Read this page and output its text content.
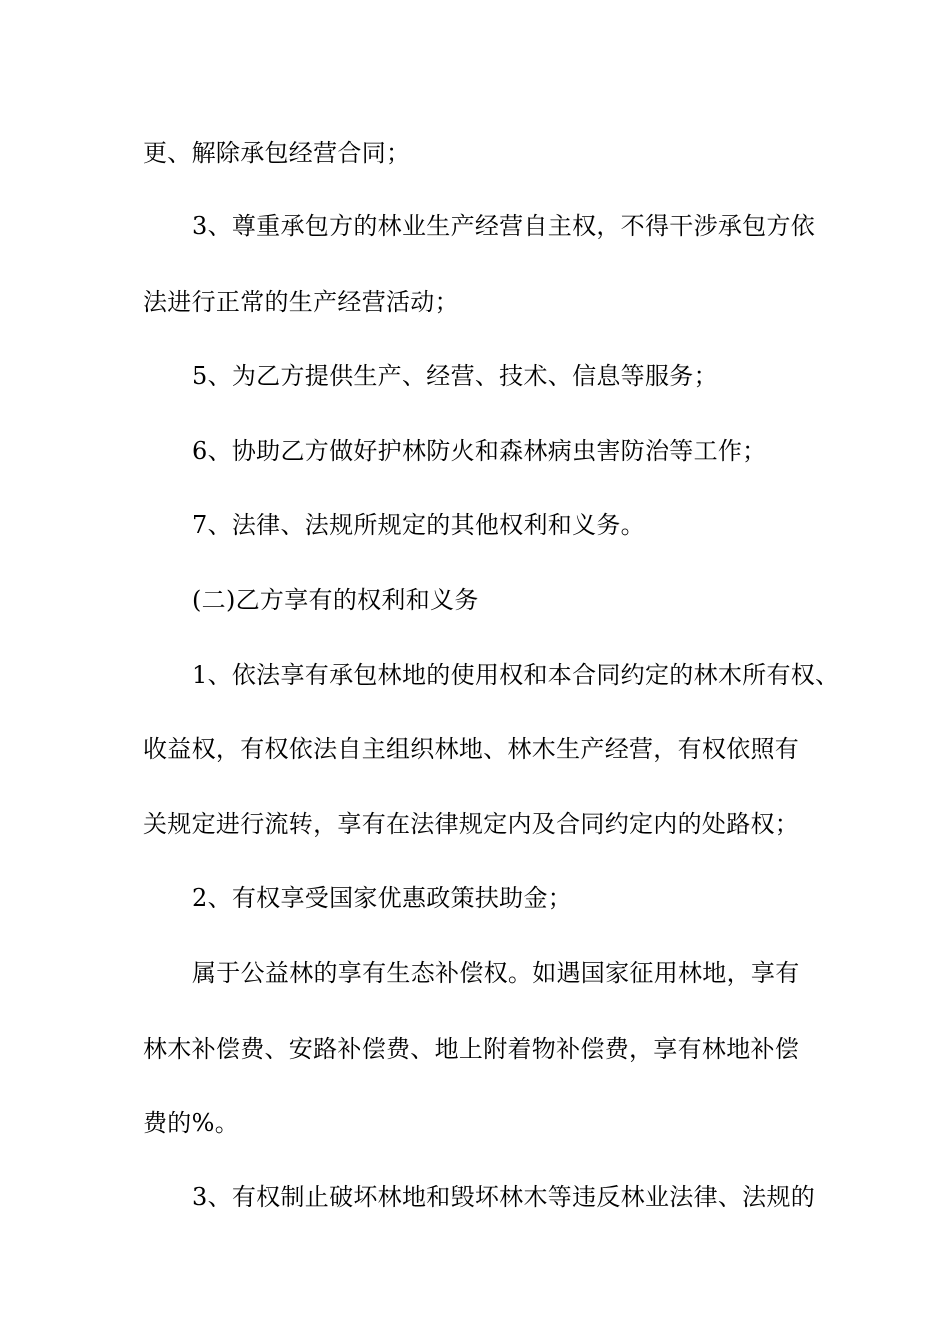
更、解除承包经营合同；
3、尊重承包方的林业生产经营自主权，不得干涉承包方依
法进行正常的生产经营活动；
5、为乙方提供生产、经营、技术、信息等服务；
6、协助乙方做好护林防火和森林病虫害防治等工作；
7、法律、法规所规定的其他权利和义务。
(二)乙方享有的权利和义务
1、依法享有承包林地的使用权和本合同约定的林木所有权、
收益权，有权依法自主组织林地、林木生产经营，有权依照有
关规定进行流转，享有在法律规定内及合同约定内的处路权；
2、有权享受国家优惠政策扶助金；
属于公益林的享有生态补偿权。如遇国家征用林地，享有
林木补偿费、安路补偿费、地上附着物补偿费，享有林地补偿
费的%。
3、有权制止破坏林地和毁坏林木等违反林业法律、法规的
